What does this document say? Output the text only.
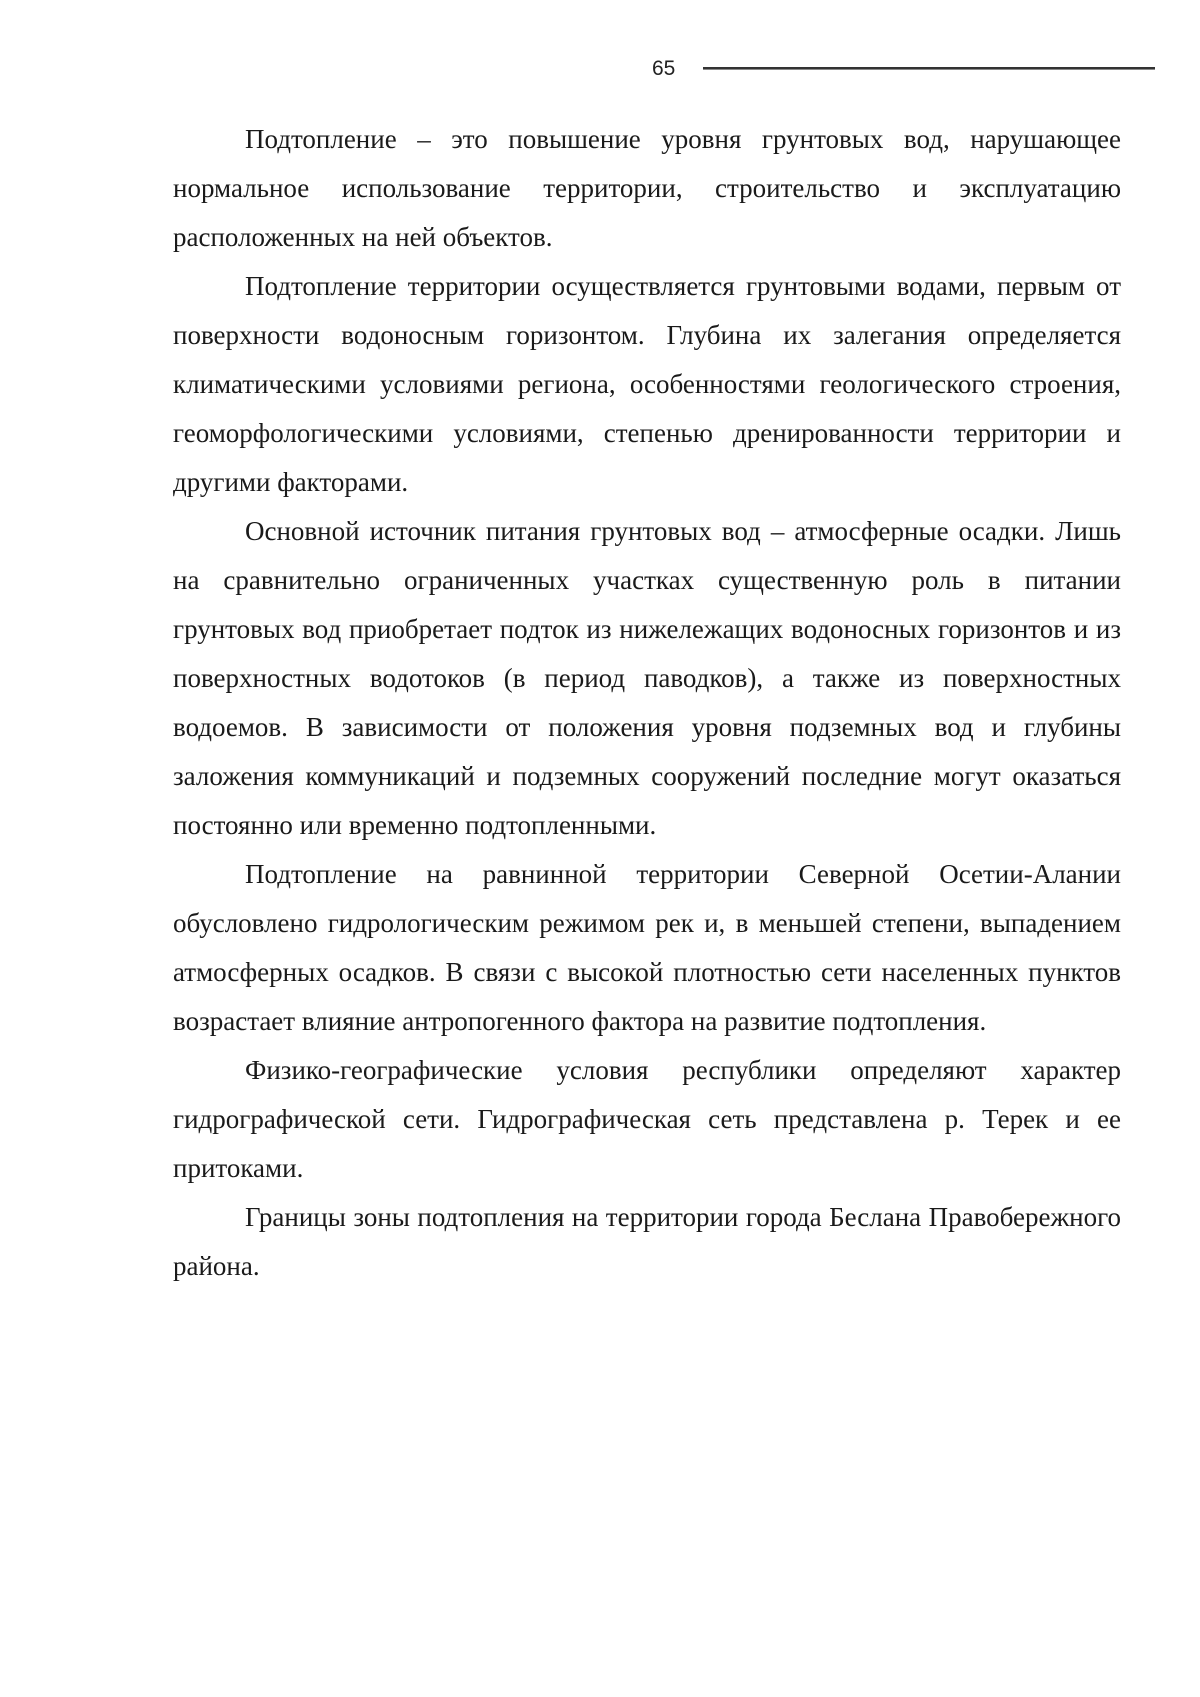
65

Подтопление – это повышение уровня грунтовых вод, нарушающее нормальное использование территории, строительство и эксплуатацию расположенных на ней объектов.

Подтопление территории осуществляется грунтовыми водами, первым от поверхности водоносным горизонтом. Глубина их залегания определяется климатическими условиями региона, особенностями геологического строения, геоморфологическими условиями, степенью дренированности территории и другими факторами.

Основной источник питания грунтовых вод – атмосферные осадки. Лишь на сравнительно ограниченных участках существенную роль в питании грунтовых вод приобретает подток из нижележащих водоносных горизонтов и из поверхностных водотоков (в период паводков), а также из поверхностных водоемов. В зависимости от положения уровня подземных вод и глубины заложения коммуникаций и подземных сооружений последние могут оказаться постоянно или временно подтопленными.

Подтопление на равнинной территории Северной Осетии-Алании обусловлено гидрологическим режимом рек и, в меньшей степени, выпадением атмосферных осадков. В связи с высокой плотностью сети населенных пунктов возрастает влияние антропогенного фактора на развитие подтопления.

Физико-географические условия республики определяют характер гидрографической сети. Гидрографическая сеть представлена р. Терек и ее притоками.

Границы зоны подтопления на территории города Беслана Правобережного района.
